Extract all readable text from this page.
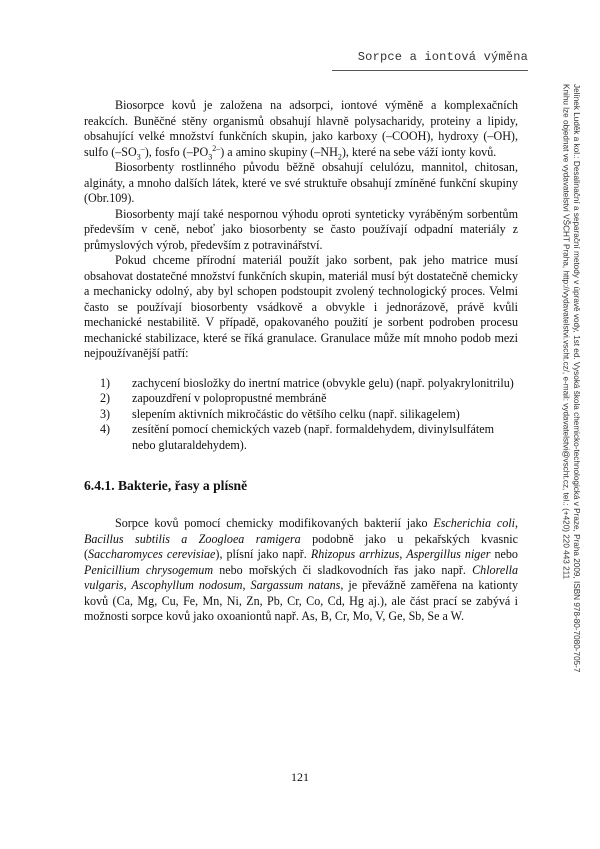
Sorpce a iontová výměna
Jelínek Luděk a kol.: Desalinační a separační metody v úpravě vody, 1st ed. Vysoká škola chemicko-technologická v Praze, Praha 2009, ISBN 978-80-7080-705-7
Knihu lze objednat ve vydavatelství VŠCHT Praha, http://vydavatelstvi.vscht.cz/, e-mail: vydavatelstvi@vscht.cz, tel.: (+420) 220 443 211

Biosorpce kovů je založena na adsorpci, iontové výměně a komplexačních reakcích. Buněčné stěny organismů obsahují hlavně polysacharidy, proteiny a lipidy, obsahující velké množství funkčních skupin, jako karboxy (–COOH), hydroxy (–OH), sulfo $(-SO_3^-)$, fosfo $(-PO_3^{2-})$ a amino skupiny $(-NH_2)$, které na sebe váží ionty kovů.

Biosorbenty rostlinného původu běžně obsahují celulózu, mannitol, chitosan, algináty, a mnoho dalších látek, které ve své struktuře obsahují zmíněné funkční skupiny (Obr.109).

Biosorbenty mají také nespornou výhodu oproti synteticky vyráběným sorbentům především v ceně, neboť jako biosorbenty se často používají odpadní materiály z průmyslových výrob, především z potravinářství.

Pokud chceme přírodní materiál použít jako sorbent, pak jeho matrice musí obsahovat dostatečné množství funkčních skupin, materiál musí být dostatečně chemicky a mechanicky odolný, aby byl schopen podstoupit zvolený technologický proces. Velmi často se používají biosorbenty vsádkově a obvykle i jednorázově, právě kvůli mechanické nestabilitě. V případě, opakovaného použití je sorbent podroben procesu mechanické stabilizace, které se říká granulace. Granulace může mít mnoho podob mezi nejpoužívanější patří:

1) zachycení biosložky do inertní matrice (obvykle gelu) (např. polyakrylonitrilu)
2) zapouzdření v polopropustné membráně
3) slepením aktivních mikročástic do většího celku (např. silikagelem)
4) zesítění pomocí chemických vazeb (např. formaldehydem, divinylsulfátem nebo glutaraldehydem).
6.4.1. Bakterie, řasy a plísně

Sorpce kovů pomocí chemicky modifikovaných bakterií jako Escherichia coli, Bacillus subtilis a Zoogloea ramigera podobně jako u pekařských kvasnic (Saccharomyces cerevisiae), plísní jako např. Rhizopus arrhizus, Aspergillus niger nebo Penicillium chrysogemum nebo mořských či sladkovodních řas jako např. Chlorella vulgaris, Ascophyllum nodosum, Sargassum natans, je převážně zaměřena na kationty kovů (Ca, Mg, Cu, Fe, Mn, Ni, Zn, Pb, Cr, Co, Cd, Hg aj.), ale část prací se zabývá i možnosti sorpce kovů jako oxoaniontů např. As, B, Cr, Mo, V, Ge, Sb, Se a W.

121
